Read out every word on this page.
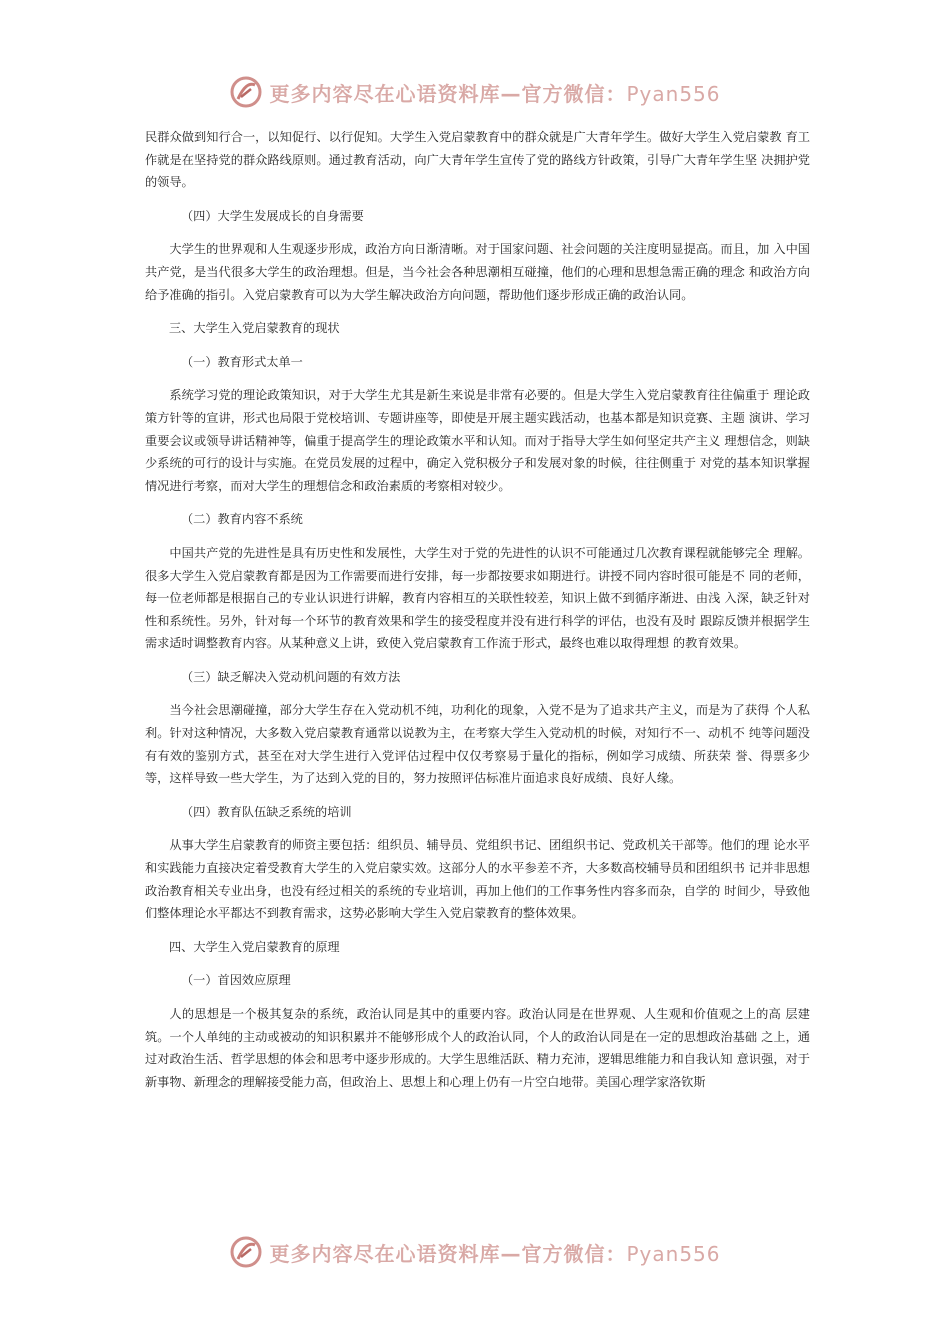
更多内容尽在心语资料库—官方微信：Pyan556
民群众做到知行合一，以知促行、以行促知。大学生入党启蒙教育中的群众就是广大青年学生。做好大学生入党启蒙教 育工作就是在坚持党的群众路线原则。通过教育活动，向广大青年学生宣传了党的路线方针政策，引导广大青年学生坚 决拥护党的领导。
（四）大学生发展成长的自身需要
大学生的世界观和人生观逐步形成，政治方向日渐清晰。对于国家问题、社会问题的关注度明显提高。而且，加 入中国共产党，是当代很多大学生的政治理想。但是，当今社会各种思潮相互碰撞，他们的心理和思想急需正确的理念 和政治方向给予准确的指引。入党启蒙教育可以为大学生解决政治方向问题，帮助他们逐步形成正确的政治认同。
三、大学生入党启蒙教育的现状
（一）教育形式太单一
系统学习党的理论政策知识，对于大学生尤其是新生来说是非常有必要的。但是大学生入党启蒙教育往往偏重于 理论政策方针等的宣讲，形式也局限于党校培训、专题讲座等，即使是开展主题实践活动，也基本都是知识竞赛、主题 演讲、学习重要会议或领导讲话精神等，偏重于提高学生的理论政策水平和认知。而对于指导大学生如何坚定共产主义 理想信念，则缺少系统的可行的设计与实施。在党员发展的过程中，确定入党积极分子和发展对象的时候，往往侧重于 对党的基本知识掌握情况进行考察，而对大学生的理想信念和政治素质的考察相对较少。
（二）教育内容不系统
中国共产党的先进性是具有历史性和发展性，大学生对于党的先进性的认识不可能通过几次教育课程就能够完全 理解。很多大学生入党启蒙教育都是因为工作需要而进行安排，每一步都按要求如期进行。讲授不同内容时很可能是不 同的老师，每一位老师都是根据自己的专业认识进行讲解，教育内容相互的关联性较差，知识上做不到循序渐进、由浅 入深，缺乏针对性和系统性。另外，针对每一个环节的教育效果和学生的接受程度并没有进行科学的评估，也没有及时 跟踪反馈并根据学生需求适时调整教育内容。从某种意义上讲，致使入党启蒙教育工作流于形式，最终也难以取得理想 的教育效果。
（三）缺乏解决入党动机问题的有效方法
当今社会思潮碰撞，部分大学生存在入党动机不纯，功利化的现象，入党不是为了追求共产主义，而是为了获得 个人私利。针对这种情况，大多数入党启蒙教育通常以说教为主，在考察大学生入党动机的时候，对知行不一、动机不 纯等问题没有有效的鉴别方式，甚至在对大学生进行入党评估过程中仅仅考察易于量化的指标，例如学习成绩、所获荣 誉、得票多少等，这样导致一些大学生，为了达到入党的目的，努力按照评估标准片面追求良好成绩、良好人缘。
（四）教育队伍缺乏系统的培训
从事大学生启蒙教育的师资主要包括：组织员、辅导员、党组织书记、团组织书记、党政机关干部等。他们的理 论水平和实践能力直接决定着受教育大学生的入党启蒙实效。这部分人的水平参差不齐，大多数高校辅导员和团组织书 记并非思想政治教育相关专业出身，也没有经过相关的系统的专业培训，再加上他们的工作事务性内容多而杂，自学的 时间少，导致他们整体理论水平都达不到教育需求，这势必影响大学生入党启蒙教育的整体效果。
四、大学生入党启蒙教育的原理
（一）首因效应原理
人的思想是一个极其复杂的系统，政治认同是其中的重要内容。政治认同是在世界观、人生观和价值观之上的高 层建筑。一个人单纯的主动或被动的知识积累并不能够形成个人的政治认同，个人的政治认同是在一定的思想政治基础 之上，通过对政治生活、哲学思想的体会和思考中逐步形成的。大学生思维活跃、精力充沛，逻辑思维能力和自我认知 意识强，对于新事物、新理念的理解接受能力高，但政治上、思想上和心理上仍有一片空白地带。美国心理学家洛钦斯
更多内容尽在心语资料库—官方微信：Pyan556
